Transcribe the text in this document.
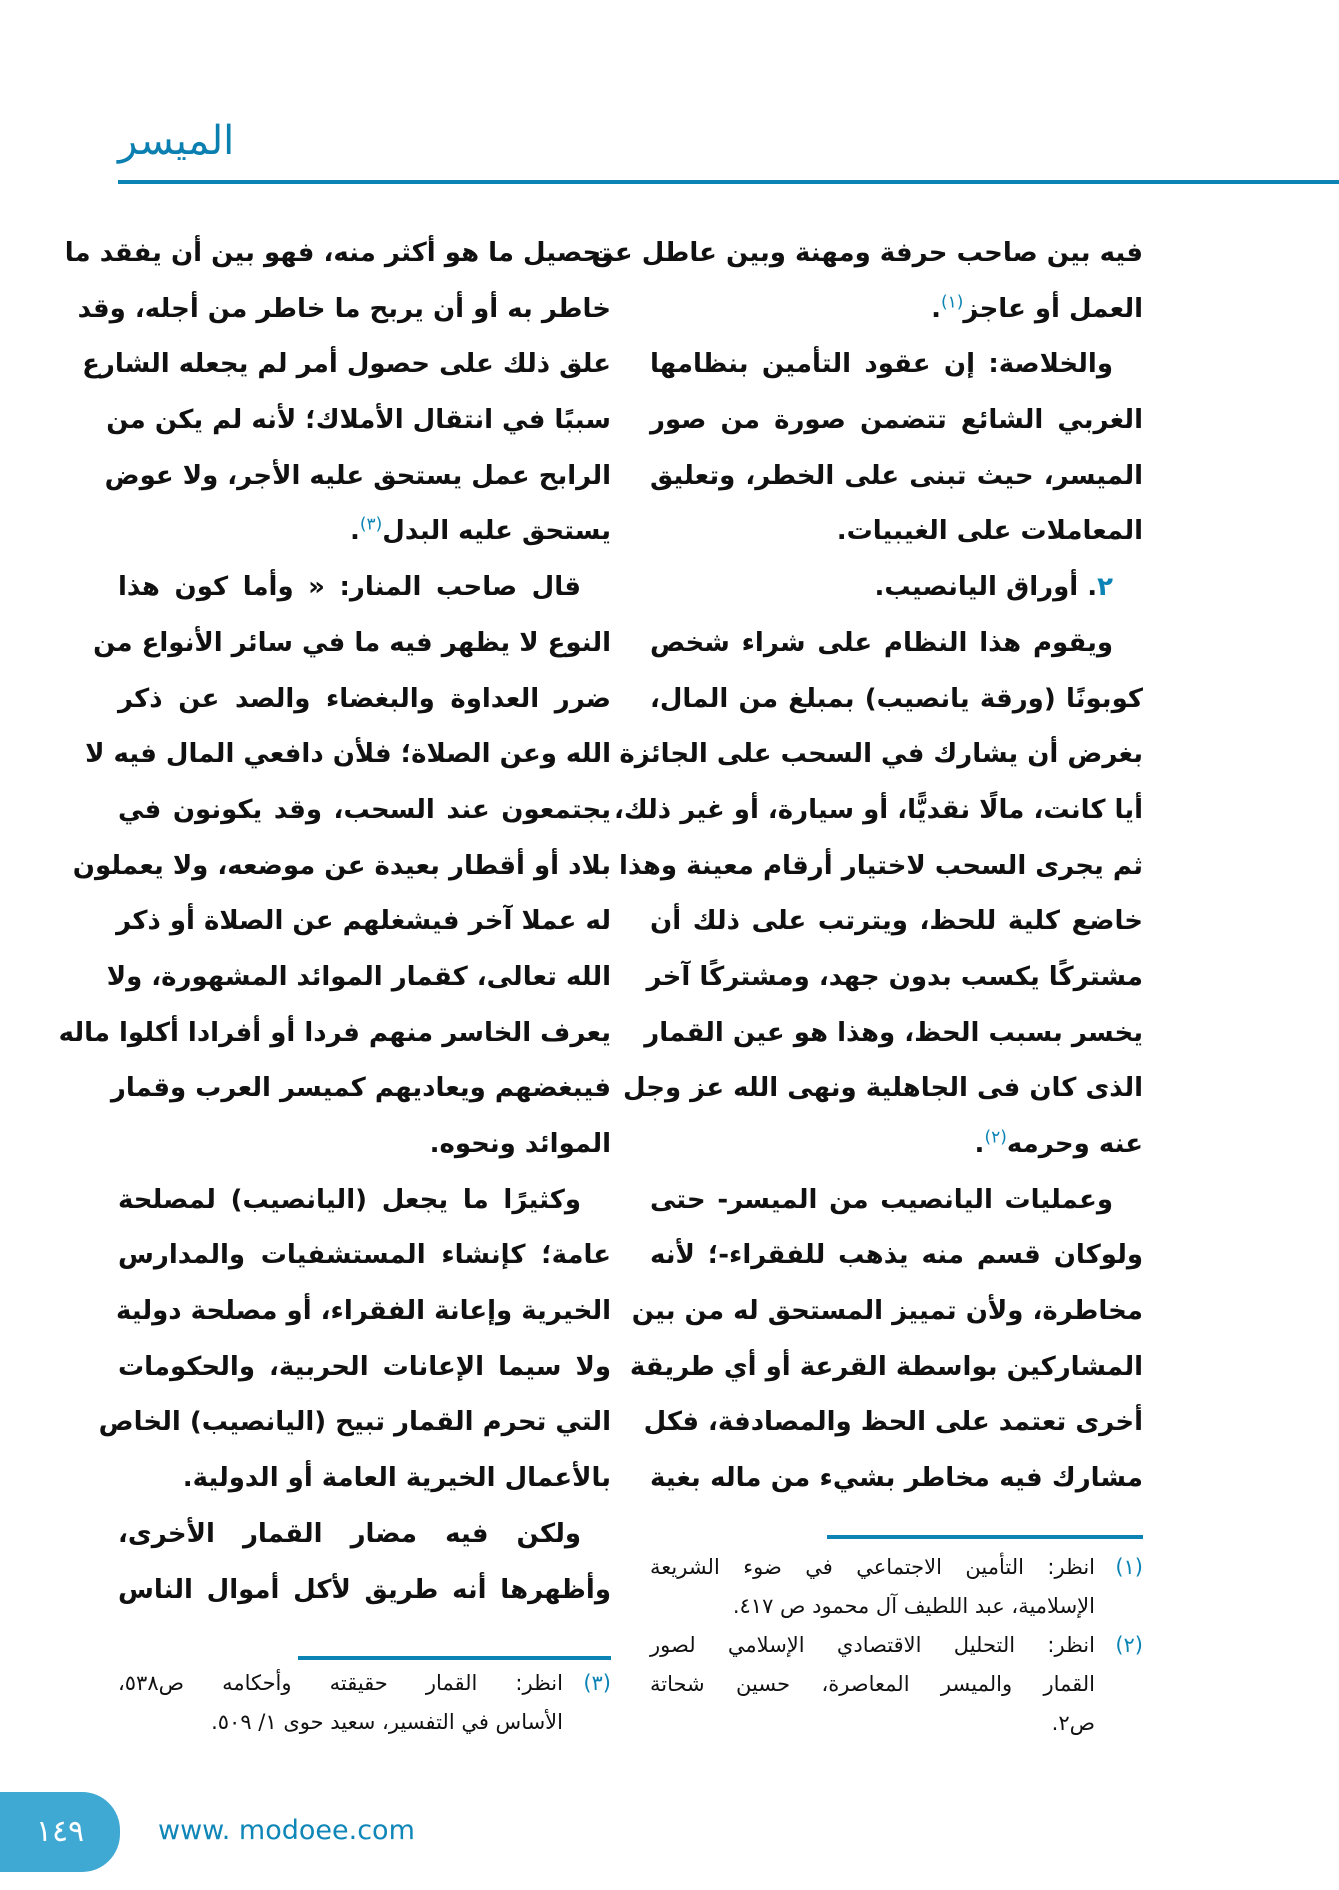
الميسر
فيه بين صاحب حرفة ومهنة وبين عاطل عن
العمل أو عاجز$^{(١)}$.
والخلاصة: إن عقود التأمين بنظامها
الغربي الشائع تتضمن صورة من صور
الميسر، حيث تبنى على الخطر، وتعليق
المعاملات على الغيبيات.
٢. أوراق اليانصيب.
ويقوم هذا النظام على شراء شخص
كوبونًا (ورقة يانصيب) بمبلغ من المال،
بغرض أن يشارك في السحب على الجائزة
أيا كانت، مالًا نقديًّا، أو سيارة، أو غير ذلك،
ثم يجرى السحب لاختيار أرقام معينة وهذا
خاضع كلية للحظ، ويترتب على ذلك أن
مشتركًا يكسب بدون جهد، ومشتركًا آخر
يخسر بسبب الحظ، وهذا هو عين القمار
الذى كان فى الجاهلية ونهى الله عز وجل
عنه وحرمه$^{(٢)}$.
وعمليات اليانصيب من الميسر- حتى
ولوكان قسم منه يذهب للفقراء-؛ لأنه
مخاطرة، ولأن تمييز المستحق له من بين
المشاركين بواسطة القرعة أو أي طريقة
أخرى تعتمد على الحظ والمصادفة، فكل
مشارك فيه مخاطر بشيء من ماله بغية
تحصيل ما هو أكثر منه، فهو بين أن يفقد ما
خاطر به أو أن يربح ما خاطر من أجله، وقد
علق ذلك على حصول أمر لم يجعله الشارع
سببًا في انتقال الأملاك؛ لأنه لم يكن من
الرابح عمل يستحق عليه الأجر، ولا عوض
يستحق عليه البدل$^{(٣)}$.
قال صاحب المنار: « وأما كون هذا
النوع لا يظهر فيه ما في سائر الأنواع من
ضرر العداوة والبغضاء والصد عن ذكر
الله وعن الصلاة؛ فلأن دافعي المال فيه لا
يجتمعون عند السحب، وقد يكونون في
بلاد أو أقطار بعيدة عن موضعه، ولا يعملون
له عملا آخر فيشغلهم عن الصلاة أو ذكر
الله تعالى، كقمار الموائد المشهورة، ولا
يعرف الخاسر منهم فردا أو أفرادا أكلوا ماله
فيبغضهم ويعاديهم كميسر العرب وقمار
الموائد ونحوه.
وكثيرًا ما يجعل (اليانصيب) لمصلحة
عامة؛ كإنشاء المستشفيات والمدارس
الخيرية وإعانة الفقراء، أو مصلحة دولية
ولا سيما الإعانات الحربية، والحكومات
التي تحرم القمار تبيح (اليانصيب) الخاص
بالأعمال الخيرية العامة أو الدولية.
ولكن فيه مضار القمار الأخرى،
وأظهرها أنه طريق لأكل أموال الناس
(١)
انظر: التأمين الاجتماعي في ضوء الشريعة
الإسلامية، عبد اللطيف آل محمود ص ٤١٧.
(٢)
انظر: التحليل الاقتصادي الإسلامي لصور
القمار والميسر المعاصرة، حسين شحاتة
ص٢.
(٣)
انظر: القمار حقيقته وأحكامه ص٥٣٨،
الأساس في التفسير، سعيد حوى ١/ ٥٠٩.
١٤٩	www. modoee.com
